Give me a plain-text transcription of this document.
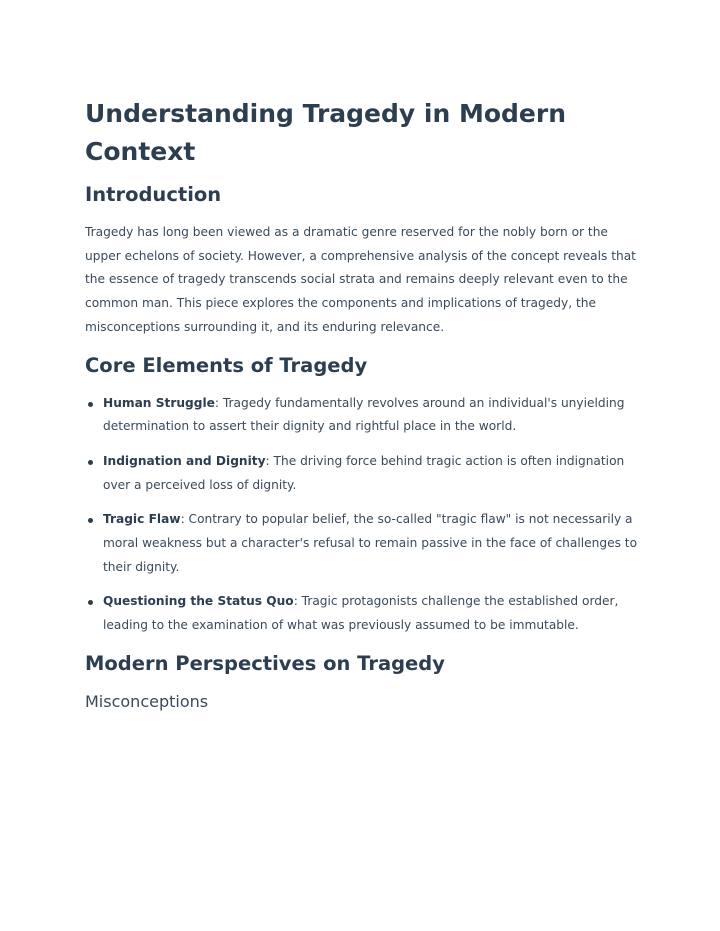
Understanding Tragedy in Modern Context
Introduction

Tragedy has long been viewed as a dramatic genre reserved for the nobly born or the upper echelons of society. However, a comprehensive analysis of the concept reveals that the essence of tragedy transcends social strata and remains deeply relevant even to the common man. This piece explores the components and implications of tragedy, the misconceptions surrounding it, and its enduring relevance.

Core Elements of Tragedy
Human Struggle: Tragedy fundamentally revolves around an individual's unyielding determination to assert their dignity and rightful place in the world.
Indignation and Dignity: The driving force behind tragic action is often indignation over a perceived loss of dignity.
Tragic Flaw: Contrary to popular belief, the so-called "tragic flaw" is not necessarily a moral weakness but a character's refusal to remain passive in the face of challenges to their dignity.
Questioning the Status Quo: Tragic protagonists challenge the established order, leading to the examination of what was previously assumed to be immutable.
Modern Perspectives on Tragedy
Misconceptions
